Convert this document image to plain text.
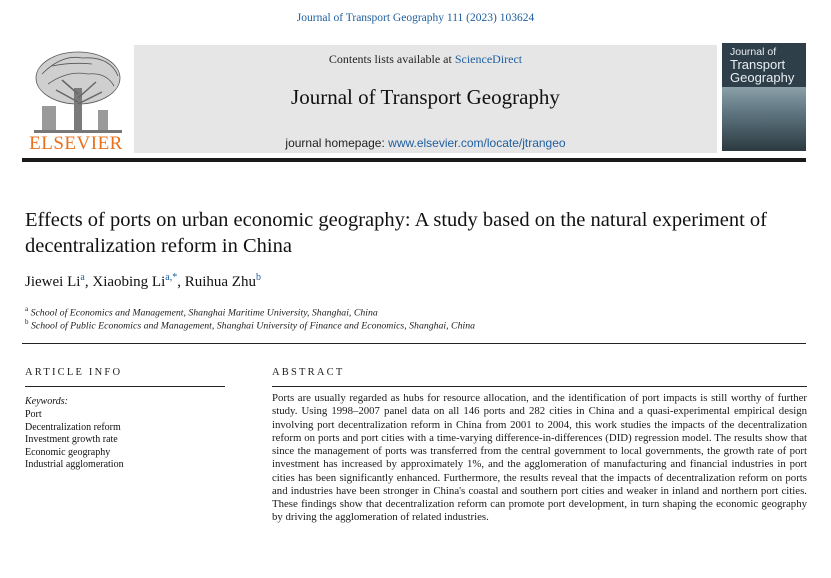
Journal of Transport Geography 111 (2023) 103624
ELSEVIER
Contents lists available at ScienceDirect
Journal of Transport Geography
journal homepage: www.elsevier.com/locate/jtrangeo
Journal of
Transport
Geography
Effects of ports on urban economic geography: A study based on the natural experiment of decentralization reform in China
Jiewei Li$^a$, Xiaobing $Li^{a,*}$, Ruihua Zhu$^b$
$^a$ School of Economics and Management, Shanghai Maritime University, Shanghai, China
$^b$ School of Public Economics and Management, Shanghai University of Finance and Economics, Shanghai, China
ARTICLE INFO
Keywords:
Port
Decentralization reform
Investment growth rate
Economic geography
Industrial agglomeration
ABSTRACT
Ports are usually regarded as hubs for resource allocation, and the identification of port impacts is still worthy of further study. Using 1998–2007 panel data on all 146 ports and 282 cities in China and a quasi-experimental empirical design involving port decentralization reform in China from 2001 to 2004, this work studies the impacts of the decentralization reform on ports and port cities with a time-varying difference-in-differences (DID) regression model. The results show that since the management of ports was transferred from the central government to local governments, the growth rate of port investment has increased by approximately 1%, and the agglomeration of manufacturing and financial industries in port cities has been significantly enhanced. Furthermore, the results reveal that the impacts of decentralization reform on ports and industries have been stronger in China's coastal and southern port cities and weaker in inland and northern port cities. These findings show that decentralization reform can promote port development, in turn shaping the economic geography by driving the agglomeration of related industries.
